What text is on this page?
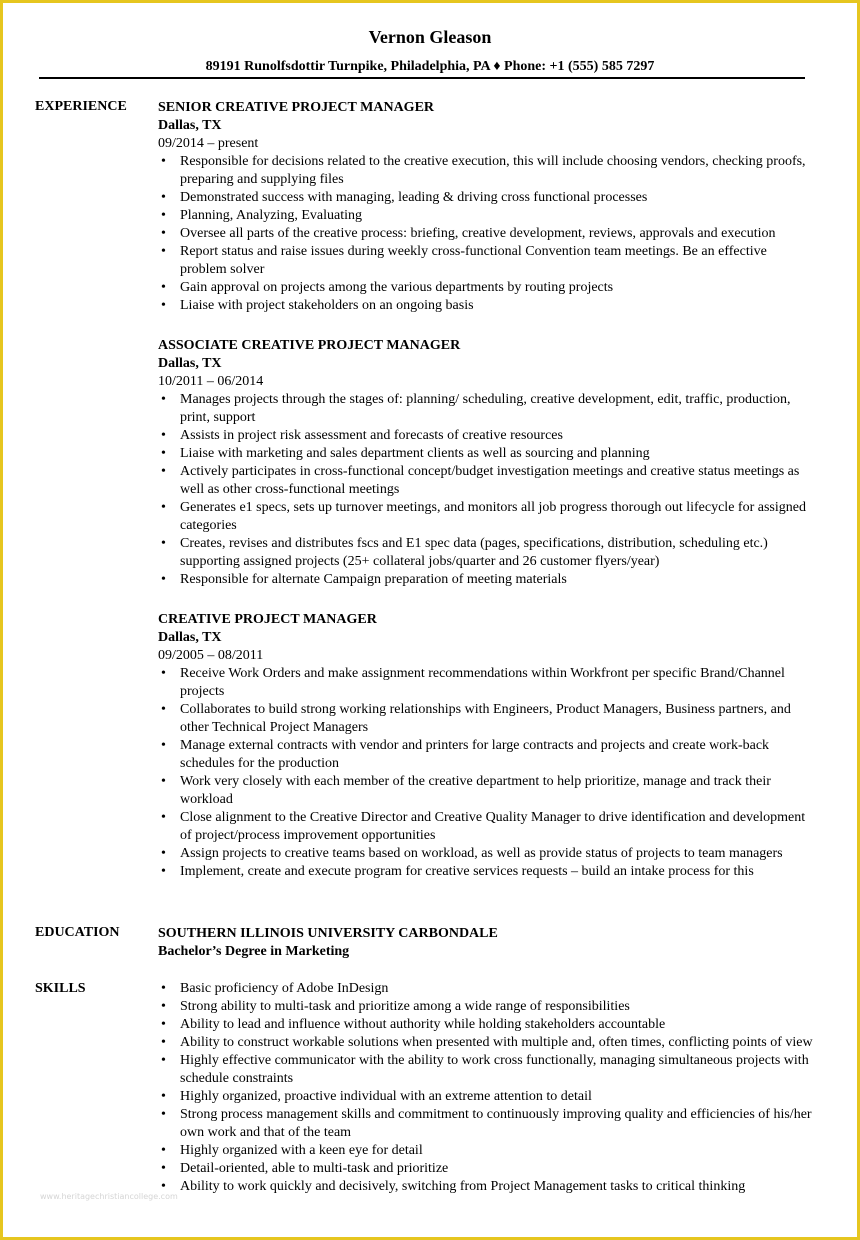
Vernon Gleason
89191 Runolfsdottir Turnpike, Philadelphia, PA ♦ Phone: +1 (555) 585 7297
EXPERIENCE SENIOR CREATIVE PROJECT MANAGER
Dallas, TX
09/2014 – present
• Responsible for decisions related to the creative execution, this will include choosing vendors, checking proofs, preparing and supplying files
• Demonstrated success with managing, leading & driving cross functional processes
• Planning, Analyzing, Evaluating
• Oversee all parts of the creative process: briefing, creative development, reviews, approvals and execution
• Report status and raise issues during weekly cross-functional Convention team meetings. Be an effective problem solver
• Gain approval on projects among the various departments by routing projects
• Liaise with project stakeholders on an ongoing basis
ASSOCIATE CREATIVE PROJECT MANAGER
Dallas, TX
10/2011 – 06/2014
• Manages projects through the stages of: planning/ scheduling, creative development, edit, traffic, production, print, support
• Assists in project risk assessment and forecasts of creative resources
• Liaise with marketing and sales department clients as well as sourcing and planning
• Actively participates in cross-functional concept/budget investigation meetings and creative status meetings as well as other cross-functional meetings
• Generates e1 specs, sets up turnover meetings, and monitors all job progress thorough out lifecycle for assigned categories
• Creates, revises and distributes fscs and E1 spec data (pages, specifications, distribution, scheduling etc.) supporting assigned projects (25+ collateral jobs/quarter and 26 customer flyers/year)
• Responsible for alternate Campaign preparation of meeting materials
CREATIVE PROJECT MANAGER
Dallas, TX
09/2005 – 08/2011
• Receive Work Orders and make assignment recommendations within Workfront per specific Brand/Channel projects
• Collaborates to build strong working relationships with Engineers, Product Managers, Business partners, and other Technical Project Managers
• Manage external contracts with vendor and printers for large contracts and projects and create work-back schedules for the production
• Work very closely with each member of the creative department to help prioritize, manage and track their workload
• Close alignment to the Creative Director and Creative Quality Manager to drive identification and development of project/process improvement opportunities
• Assign projects to creative teams based on workload, as well as provide status of projects to team managers
• Implement, create and execute program for creative services requests – build an intake process for this
EDUCATION	SOUTHERN ILLINOIS UNIVERSITY CARBONDALE
Bachelor’s Degree in Marketing
SKILLS
•	Basic proficiency of Adobe InDesign
• Strong ability to multi-task and prioritize among a wide range of responsibilities
• Ability to lead and influence without authority while holding stakeholders accountable
• Ability to construct workable solutions when presented with multiple and, often times, conflicting points of view
• Highly effective communicator with the ability to work cross functionally, managing simultaneous projects with schedule constraints
• Highly organized, proactive individual with an extreme attention to detail
• Strong process management skills and commitment to continuously improving quality and efficiencies of his/her own work and that of the team
• Highly organized with a keen eye for detail
• Detail-oriented, able to multi-task and prioritize
• Ability to work quickly and decisively, switching from Project Management tasks to critical thinking
www.heritagechristiancollege.com
